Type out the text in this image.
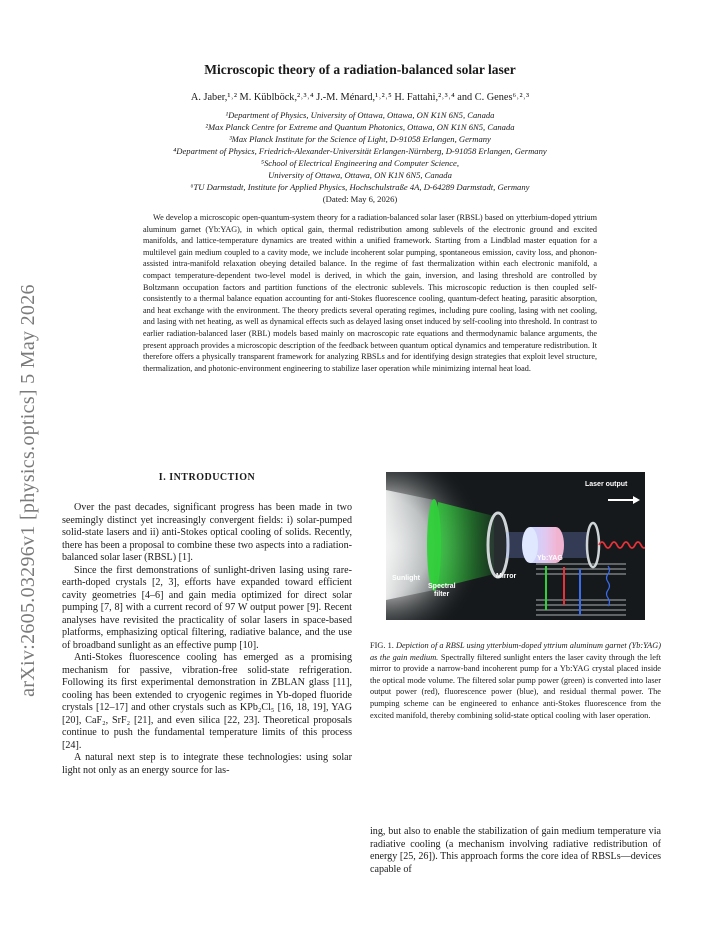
arXiv:2605.03296v1 [physics.optics] 5 May 2026
Microscopic theory of a radiation-balanced solar laser
A. Jaber,¹˒² M. Küblböck,²˒³˒⁴ J.-M. Ménard,¹˒²˒⁵ H. Fattahi,²˒³˒⁴ and C. Genes⁶˒²˒³
¹Department of Physics, University of Ottawa, Ottawa, ON K1N 6N5, Canada
²Max Planck Centre for Extreme and Quantum Photonics, Ottawa, ON K1N 6N5, Canada
³Max Planck Institute for the Science of Light, D-91058 Erlangen, Germany
⁴Department of Physics, Friedrich-Alexander-Universität Erlangen-Nürnberg, D-91058 Erlangen, Germany
⁵School of Electrical Engineering and Computer Science,
University of Ottawa, Ottawa, ON K1N 6N5, Canada
⁶TU Darmstadt, Institute for Applied Physics, Hochschulstraße 4A, D-64289 Darmstadt, Germany
(Dated: May 6, 2026)
We develop a microscopic open-quantum-system theory for a radiation-balanced solar laser (RBSL) based on ytterbium-doped yttrium aluminum garnet (Yb:YAG), in which optical gain, thermal redistribution among sublevels of the electronic ground and excited manifolds, and lattice-temperature dynamics are treated within a unified framework. Starting from a Lindblad master equation for a multilevel gain medium coupled to a cavity mode, we include incoherent solar pumping, spontaneous emission, cavity loss, and phonon-assisted intra-manifold relaxation obeying detailed balance. In the regime of fast thermalization within each electronic manifold, a compact temperature-dependent two-level model is derived, in which the gain, inversion, and lasing threshold are controlled by Boltzmann occupation factors and partition functions of the electronic sublevels. This microscopic reduction is then coupled self-consistently to a thermal balance equation accounting for anti-Stokes fluorescence cooling, quantum-defect heating, parasitic absorption, and heat exchange with the environment. The theory predicts several operating regimes, including pure cooling, lasing with net cooling, and lasing with net heating, as well as dynamical effects such as delayed lasing onset induced by self-cooling into threshold. In contrast to earlier radiation-balanced laser (RBL) models based mainly on macroscopic rate equations and thermodynamic balance arguments, the present approach provides a microscopic description of the feedback between quantum optical dynamics and temperature redistribution. It therefore offers a physically transparent framework for analyzing RBSLs and for identifying design strategies that exploit level structure, thermalization, and photonic-environment engineering to stabilize laser operation while minimizing internal heat load.
I. INTRODUCTION

Over the past decades, significant progress has been made in two seemingly distinct yet increasingly convergent fields: i) solar-pumped solid-state lasers and ii) anti-Stokes optical cooling of solids. Recently, there has been a proposal to combine these two aspects into a radiation-balanced solar laser (RBSL) [1].

Since the first demonstrations of sunlight-driven lasing using rare-earth-doped crystals [2, 3], efforts have expanded toward efficient cavity geometries [4–6] and gain media optimized for direct solar pumping [7, 8] with a current record of 97 W output power [9]. Recent analyses have revisited the practicality of solar lasers in space-based platforms, emphasizing optical filtering, radiative balance, and the use of broadband sunlight as an effective pump [10].

Anti-Stokes fluorescence cooling has emerged as a promising mechanism for passive, vibration-free solid-state refrigeration. Following its first experimental demonstration in ZBLAN glass [11], cooling has been extended to cryogenic regimes in Yb-doped fluoride crystals [12–17] and other crystals such as KPb₂Cl₅ [16, 18, 19], YAG [20], CaF₂, SrF₂ [21], and even silica [22, 23]. Theoretical proposals continue to push the fundamental temperature limits of this process [24].

A natural next step is to integrate these technologies: using solar light not only as an energy source for las-

Laser output
Yb:YAG
Sunlight
Spectral
filter
Mirror
FIG. 1. Depiction of a RBSL using ytterbium-doped yttrium aluminum garnet (Yb:YAG) as the gain medium. Spectrally filtered sunlight enters the laser cavity through the left mirror to provide a narrow-band incoherent pump for a Yb:YAG crystal placed inside the optical mode volume. The filtered solar pump power (green) is converted into laser output power (red), fluorescence power (blue), and residual thermal power. The pumping scheme can be engineered to enhance anti-Stokes fluorescence from the excited manifold, thereby combining solid-state optical cooling with laser operation.

ing, but also to enable the stabilization of gain medium temperature via radiative cooling (a mechanism involving radiative redistribution of energy [25, 26]). This approach forms the core idea of RBSLs—devices capable of
